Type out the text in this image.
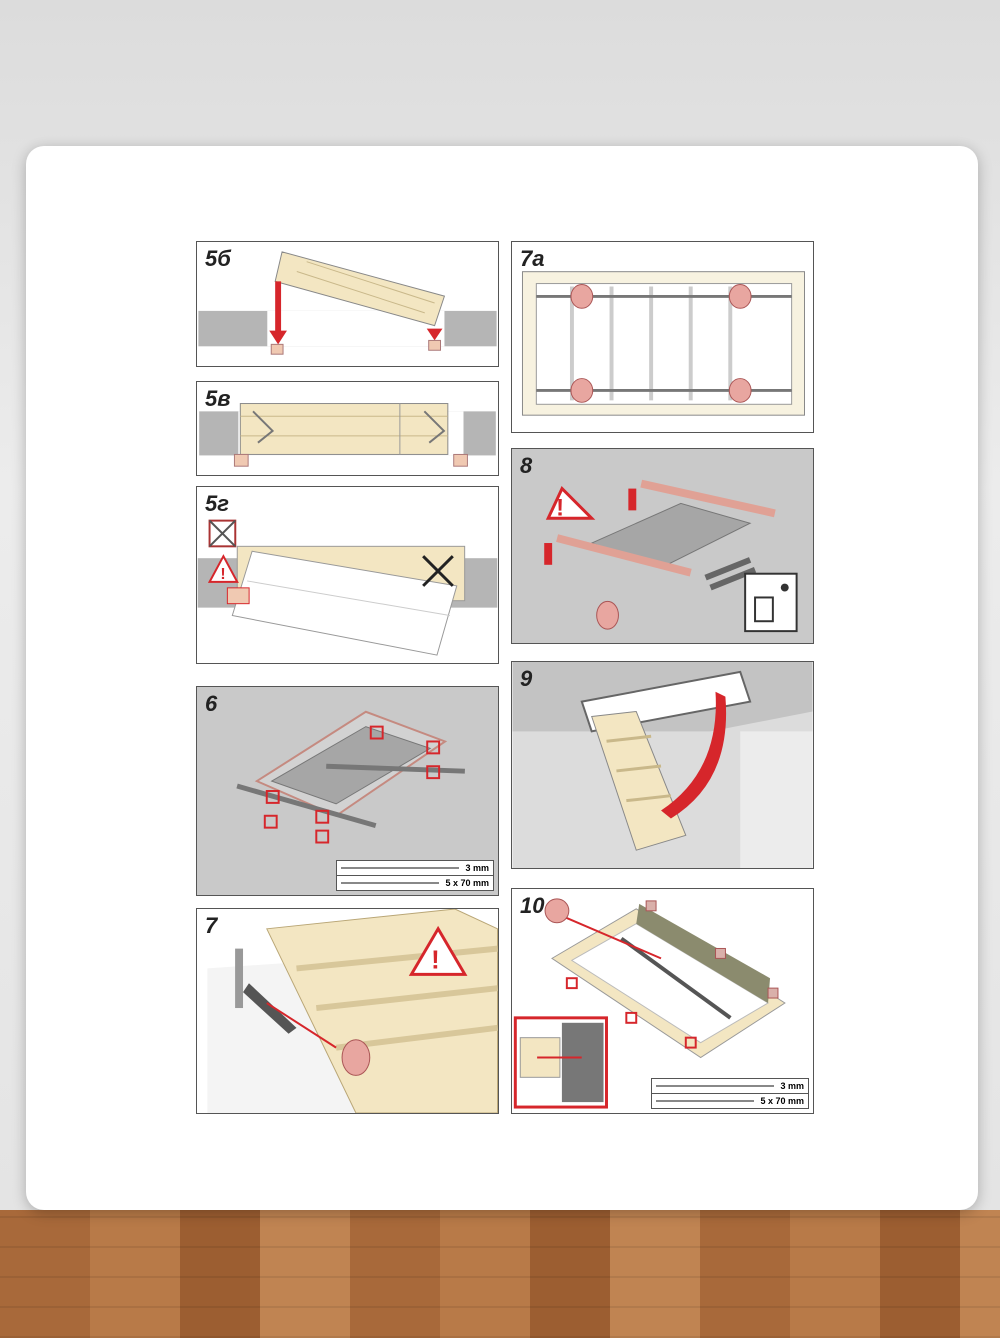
5б
5в
5г
!
6
3 mm
5 x 70 mm
7
!
7a
8
!
9
10
3 mm
5 x 70 mm
